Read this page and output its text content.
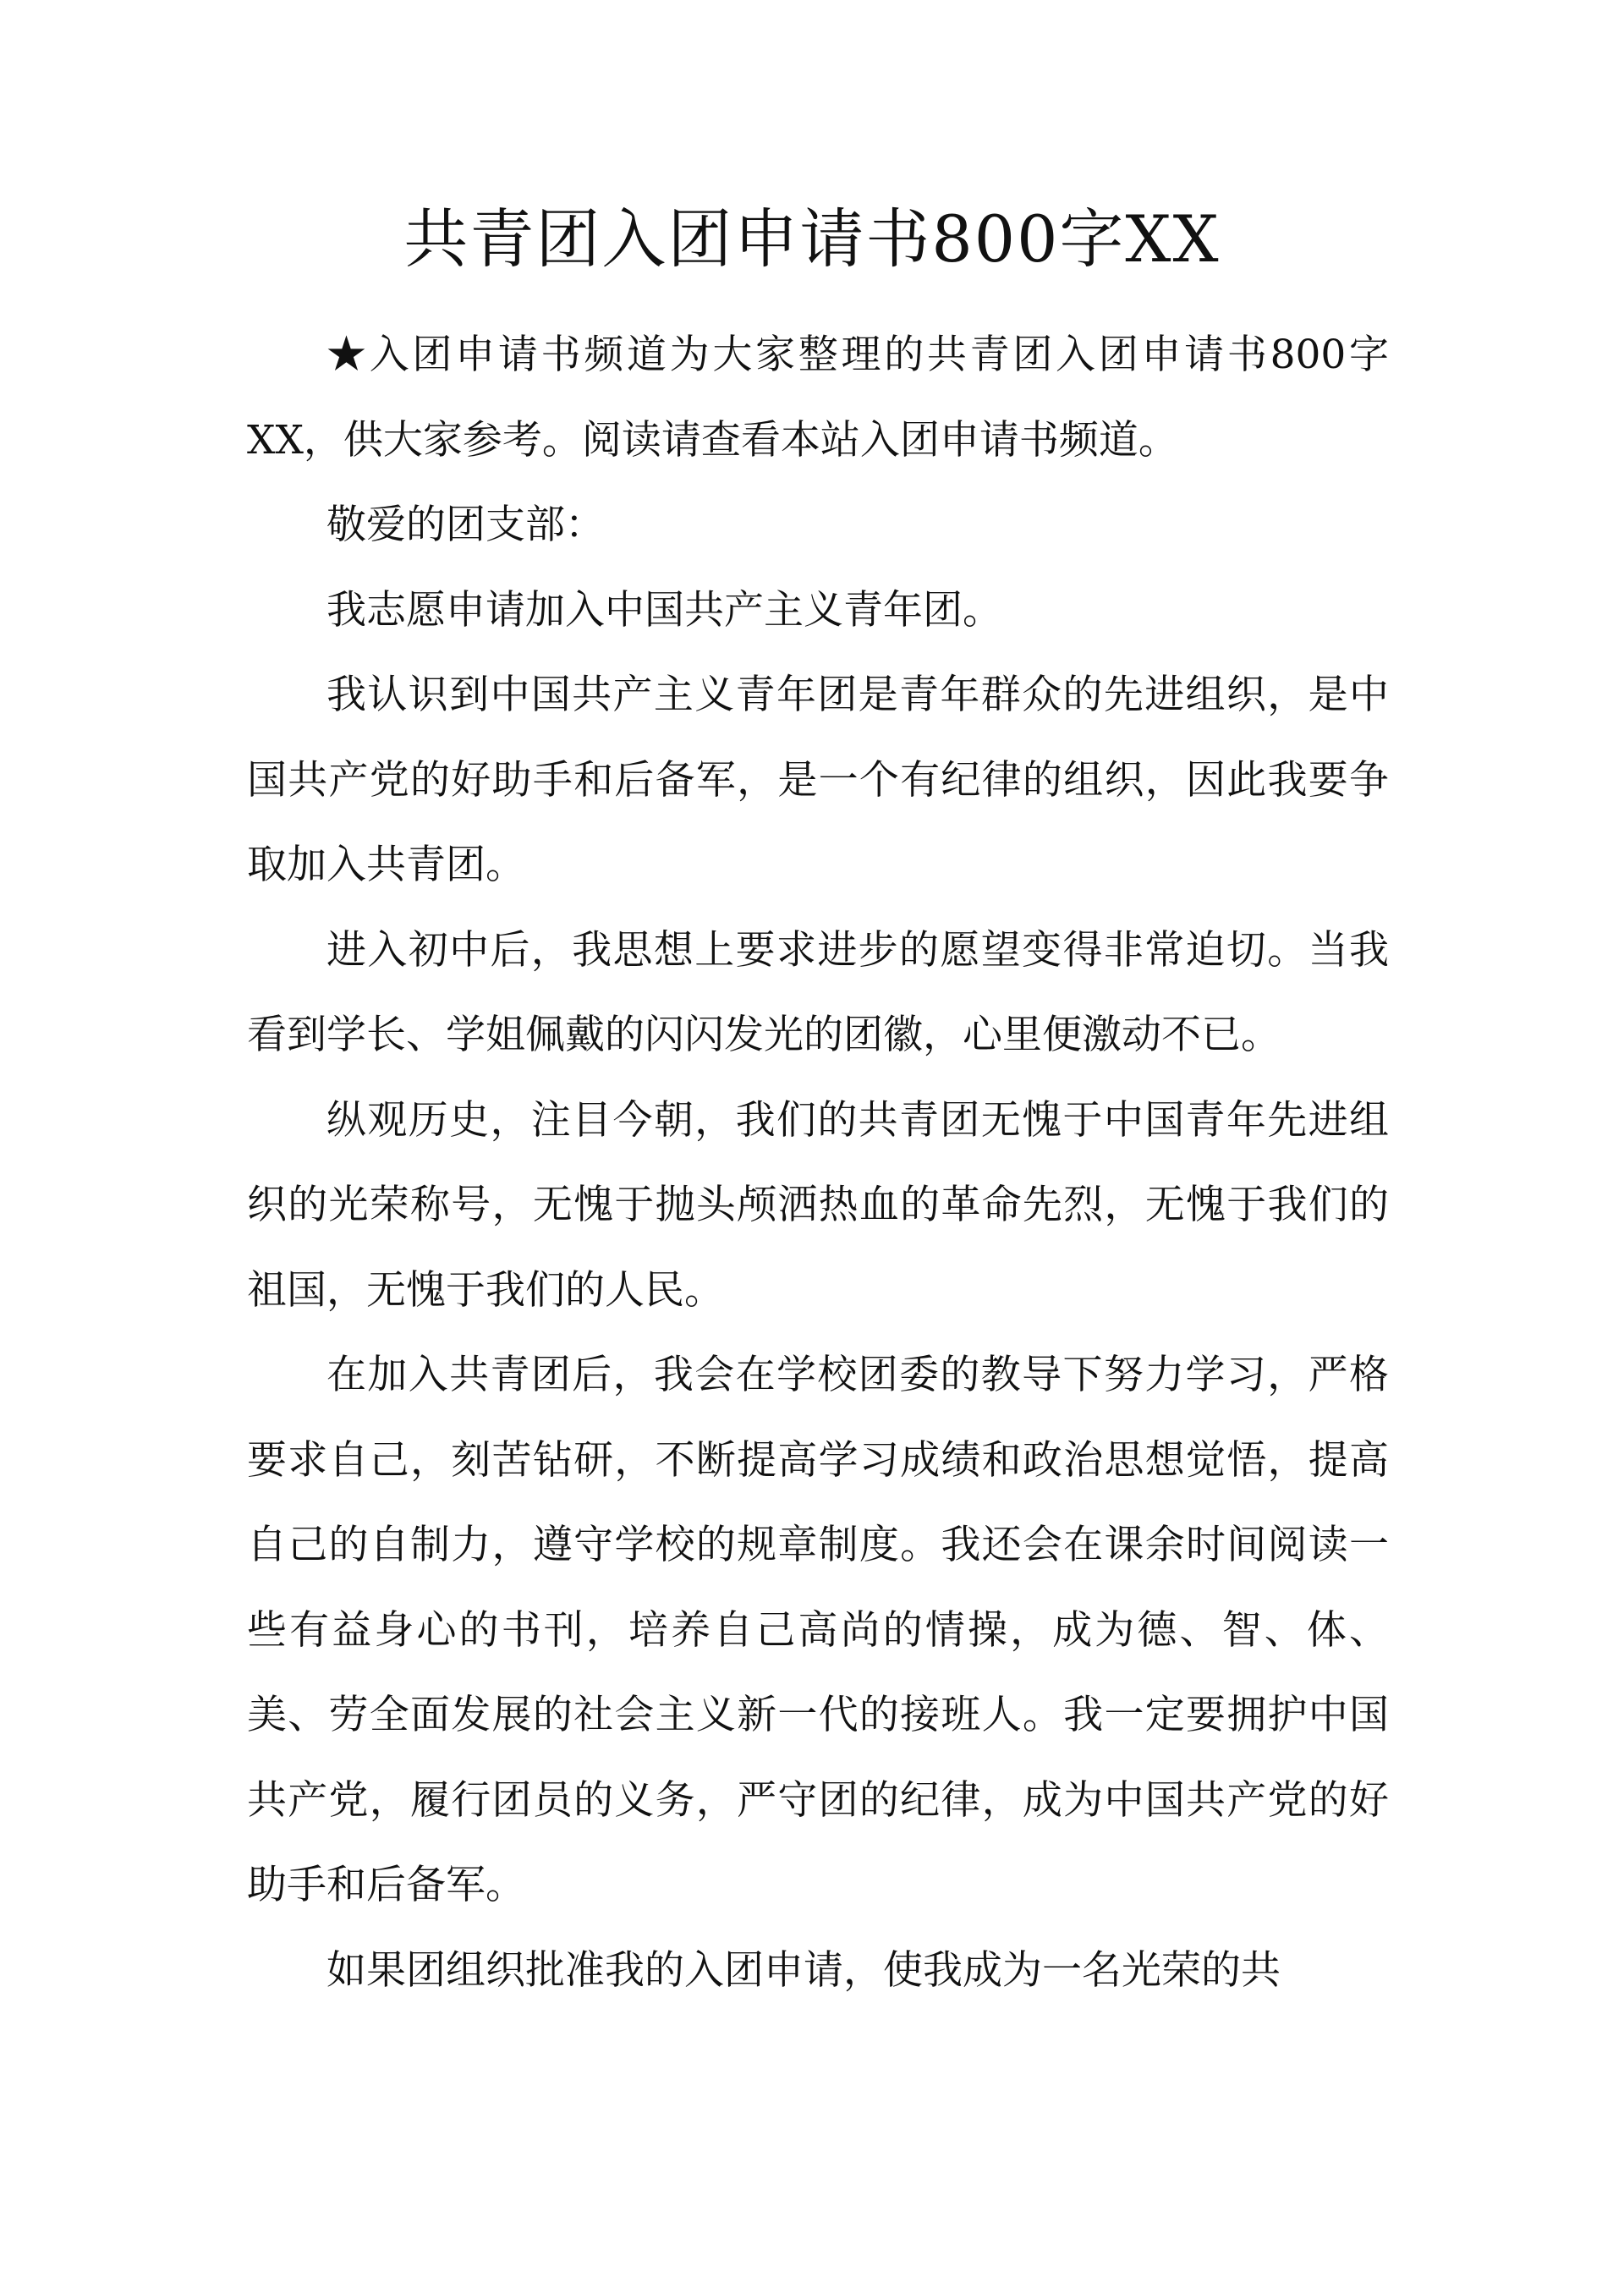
共青团入团申请书800字XX

★入团申请书频道为大家整理的共青团入团申请书800字XX，供大家参考。阅读请查看本站入团申请书频道。

敬爱的团支部：

我志愿申请加入中国共产主义青年团。

我认识到中国共产主义青年团是青年群众的先进组织，是中国共产党的好助手和后备军，是一个有纪律的组织，因此我要争取加入共青团。

进入初中后，我思想上要求进步的愿望变得非常迫切。当我看到学长、学姐佩戴的闪闪发光的团徽，心里便激动不已。

纵观历史，注目今朝，我们的共青团无愧于中国青年先进组织的光荣称号，无愧于抛头颅洒热血的革命先烈，无愧于我们的祖国，无愧于我们的人民。

在加入共青团后，我会在学校团委的教导下努力学习，严格要求自己，刻苦钻研，不断提高学习成绩和政治思想觉悟，提高自己的自制力，遵守学校的规章制度。我还会在课余时间阅读一些有益身心的书刊，培养自己高尚的情操，成为德、智、体、美、劳全面发展的社会主义新一代的接班人。我一定要拥护中国共产党，履行团员的义务，严守团的纪律，成为中国共产党的好助手和后备军。

如果团组织批准我的入团申请，使我成为一名光荣的共
